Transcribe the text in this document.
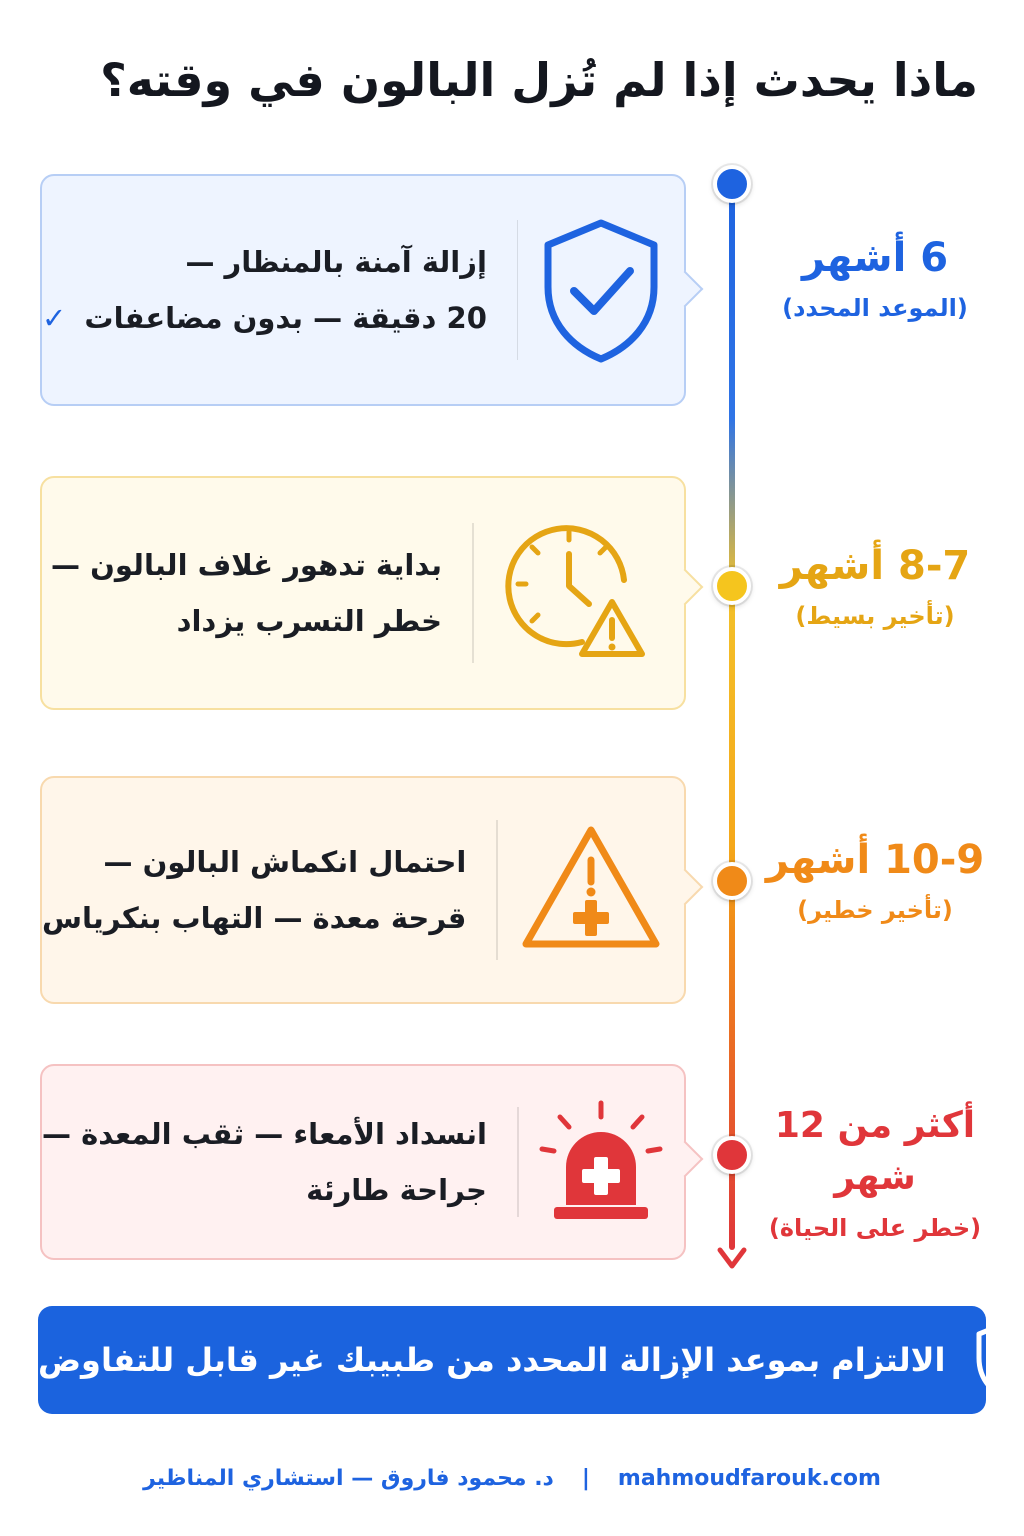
ماذا يحدث إذا لم تُزل البالون في وقته؟
6 أشهر
(الموعد المحدد)
8-7 أشهر
(تأخير بسيط)
10-9 أشهر
(تأخير خطير)
أكثر من 12 شهر
(خطر على الحياة)
إزالة آمنة بالمنظار —
20 دقيقة — بدون مضاعفات ✓
بداية تدهور غلاف البالون —
خطر التسرب يزداد
احتمال انكماش البالون —
قرحة معدة — التهاب بنكرياس
انسداد الأمعاء — ثقب المعدة —
جراحة طارئة
الالتزام بموعد الإزالة المحدد من طبيبك غير قابل للتفاوض
د. محمود فاروق — استشاري المناظير | mahmoudfarouk.com
